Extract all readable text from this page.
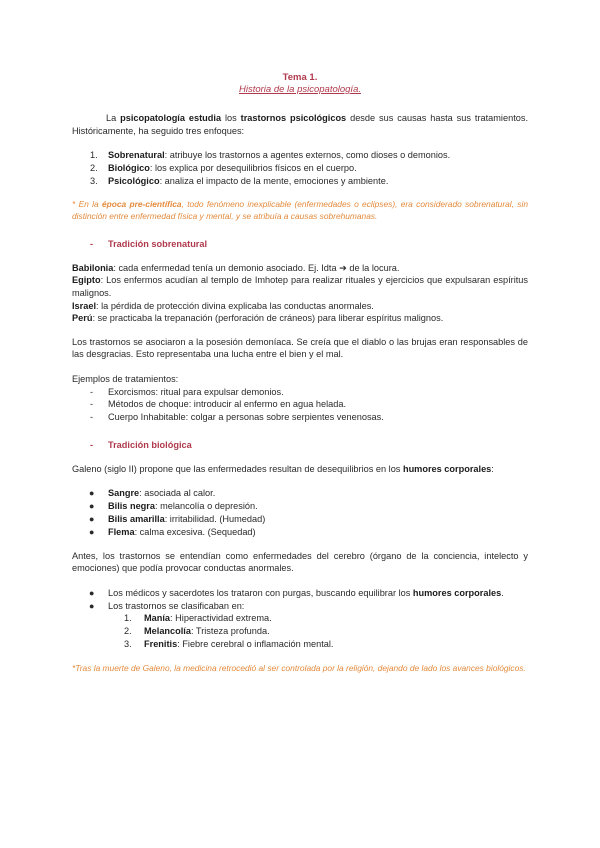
Tema 1.
Historia de la psicopatología.

La psicopatología estudia los trastornos psicológicos desde sus causas hasta sus tratamientos. Históricamente, ha seguido tres enfoques:

1. Sobrenatural: atribuye los trastornos a agentes externos, como dioses o demonios.
2. Biológico: los explica por desequilibrios físicos en el cuerpo.
3. Psicológico: analiza el impacto de la mente, emociones y ambiente.

* En la época pre-científica, todo fenómeno inexplicable (enfermedades o eclipses), era considerado sobrenatural, sin distinción entre enfermedad física y mental, y se atribuía a causas sobrehumanas.

- Tradición sobrenatural

Babilonia: cada enfermedad tenía un demonio asociado. Ej. Idta ➔ de la locura.

Egipto: Los enfermos acudían al templo de Imhotep para realizar rituales y ejercicios que expulsaran espíritus malignos.

Israel: la pérdida de protección divina explicaba las conductas anormales.

Perú: se practicaba la trepanación (perforación de cráneos) para liberar espíritus malignos.

Los trastornos se asociaron a la posesión demoníaca. Se creía que el diablo o las brujas eran responsables de las desgracias. Esto representaba una lucha entre el bien y el mal.

Ejemplos de tratamientos:

- Exorcismos: ritual para expulsar demonios.
- Métodos de choque: introducir al enfermo en agua helada.
- Cuerpo Inhabitable: colgar a personas sobre serpientes venenosas.
- Tradición biológica

Galeno (siglo II) propone que las enfermedades resultan de desequilibrios en los humores corporales:

● Sangre: asociada al calor.
● Bilis negra: melancolía o depresión.
● Bilis amarilla: irritabilidad. (Humedad)
● Flema: calma excesiva. (Sequedad)

Antes, los trastornos se entendían como enfermedades del cerebro (órgano de la conciencia, intelecto y emociones) que podía provocar conductas anormales.

● Los médicos y sacerdotes los trataron con purgas, buscando equilibrar los humores corporales.
● Los trastornos se clasificaban en:
1. Manía: Hiperactividad extrema.
2. Melancolía: Tristeza profunda.
3. Frenitis: Fiebre cerebral o inflamación mental.

*Tras la muerte de Galeno, la medicina retrocedió al ser controlada por la religión, dejando de lado los avances biológicos.
